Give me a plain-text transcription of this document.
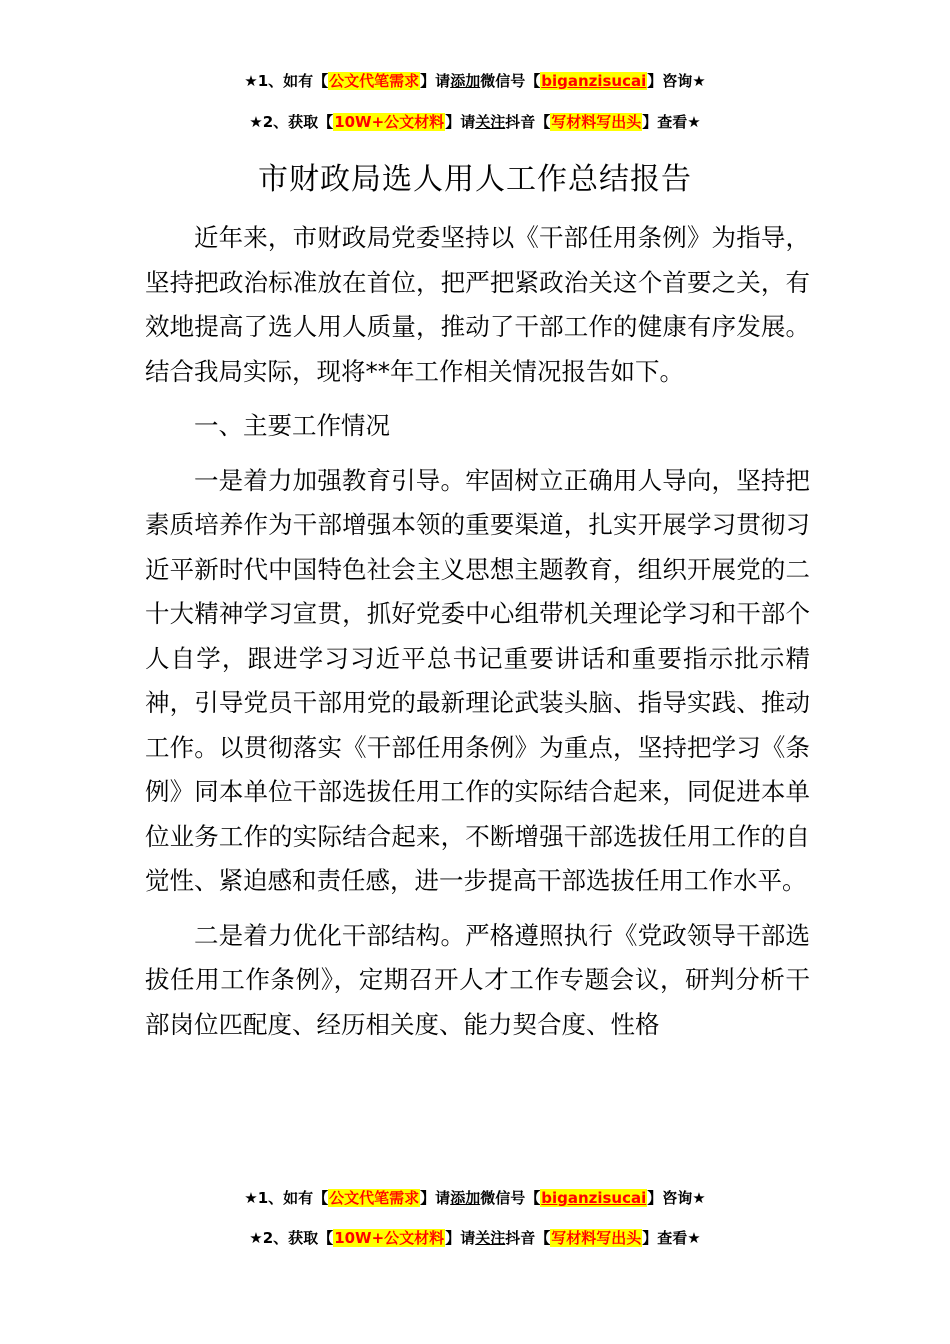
★1、如有【公文代笔需求】请添加微信号【biganzisucai】咨询★
★2、获取【10W+公文材料】请关注抖音【写材料写出头】查看★
市财政局选人用人工作总结报告

近年来，市财政局党委坚持以《干部任用条例》为指导，坚持把政治标准放在首位，把严把紧政治关这个首要之关，有效地提高了选人用人质量，推动了干部工作的健康有序发展。结合我局实际，现将**年工作相关情况报告如下。

一、主要工作情况

一是着力加强教育引导。牢固树立正确用人导向，坚持把素质培养作为干部增强本领的重要渠道，扎实开展学习贯彻习近平新时代中国特色社会主义思想主题教育，组织开展党的二十大精神学习宣贯，抓好党委中心组带机关理论学习和干部个人自学，跟进学习习近平总书记重要讲话和重要指示批示精神，引导党员干部用党的最新理论武装头脑、指导实践、推动工作。以贯彻落实《干部任用条例》为重点，坚持把学习《条例》同本单位干部选拔任用工作的实际结合起来，同促进本单位业务工作的实际结合起来，不断增强干部选拔任用工作的自觉性、紧迫感和责任感，进一步提高干部选拔任用工作水平。

二是着力优化干部结构。严格遵照执行《党政领导干部选拔任用工作条例》，定期召开人才工作专题会议，研判分析干部岗位匹配度、经历相关度、能力契合度、性格

★1、如有【公文代笔需求】请添加微信号【biganzisucai】咨询★
★2、获取【10W+公文材料】请关注抖音【写材料写出头】查看★
